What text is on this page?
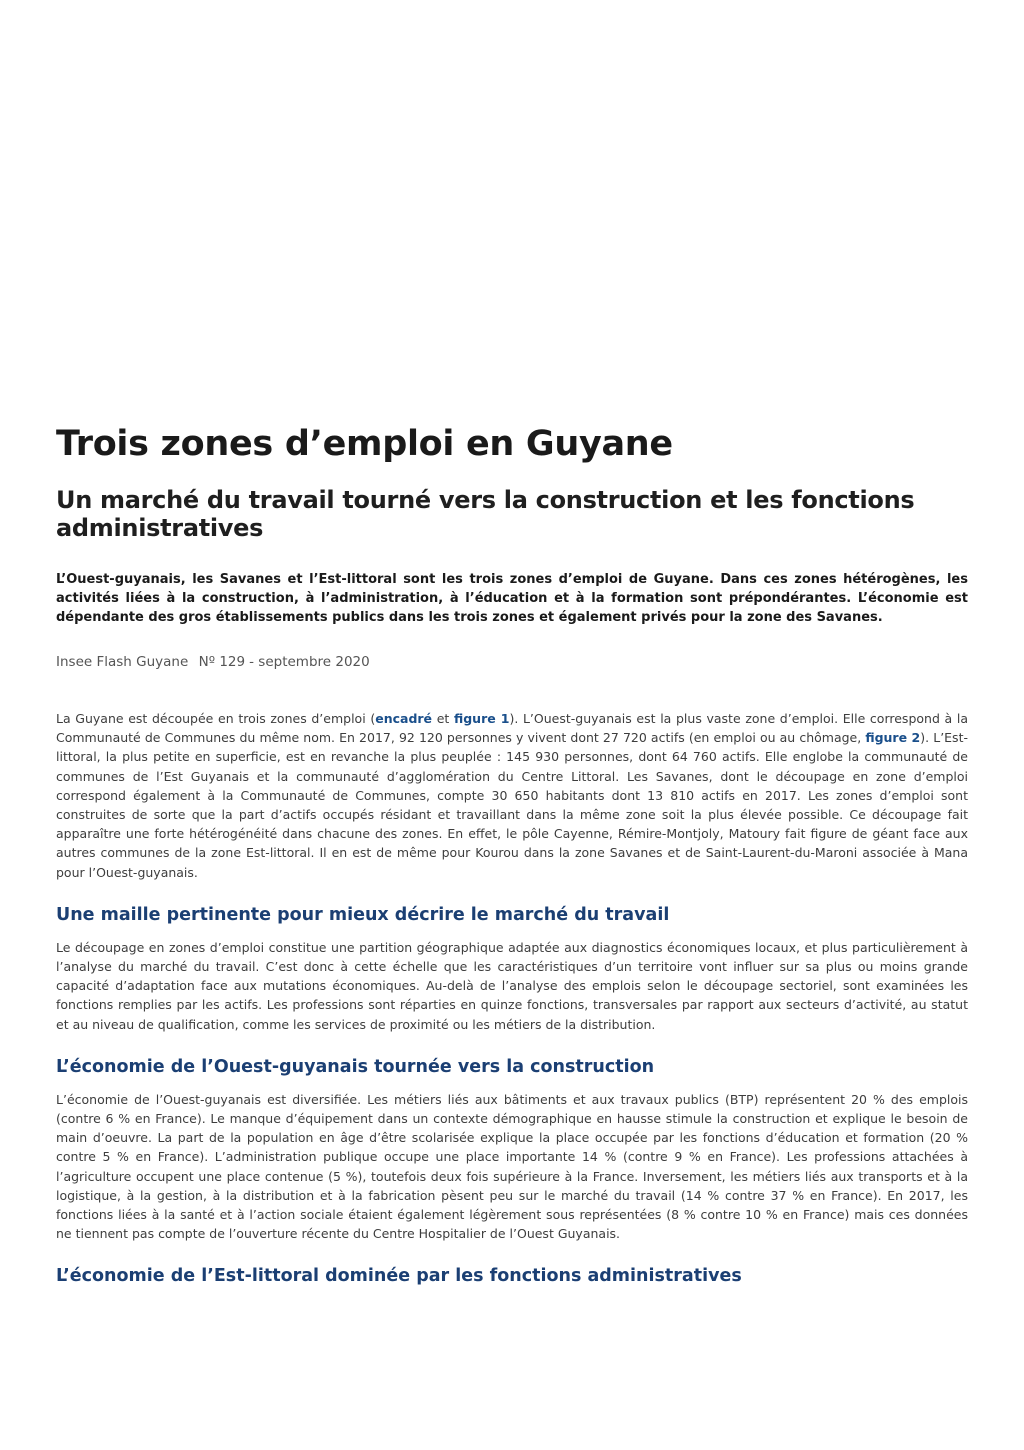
Trois zones d’emploi en Guyane
Un marché du travail tourné vers la construction et les fonctions administratives

L’Ouest-guyanais, les Savanes et l’Est-littoral sont les trois zones d’emploi de Guyane. Dans ces zones hétérogènes, les activités liées à la construction, à l’administration, à l’éducation et à la formation sont prépondérantes. L’économie est dépendante des gros établissements publics dans les trois zones et également privés pour la zone des Savanes.

Insee Flash Guyane Nº 129 - septembre 2020

La Guyane est découpée en trois zones d’emploi (encadré et figure 1). L’Ouest-guyanais est la plus vaste zone d’emploi. Elle correspond à la Communauté de Communes du même nom. En 2017, 92 120 personnes y vivent dont 27 720 actifs (en emploi ou au chômage, figure 2). L’Est-littoral, la plus petite en superficie, est en revanche la plus peuplée : 145 930 personnes, dont 64 760 actifs. Elle englobe la communauté de communes de l’Est Guyanais et la communauté d’agglomération du Centre Littoral. Les Savanes, dont le découpage en zone d’emploi correspond également à la Communauté de Communes, compte 30 650 habitants dont 13 810 actifs en 2017. Les zones d’emploi sont construites de sorte que la part d’actifs occupés résidant et travaillant dans la même zone soit la plus élevée possible. Ce découpage fait apparaître une forte hétérogénéité dans chacune des zones. En effet, le pôle Cayenne, Rémire-Montjoly, Matoury fait figure de géant face aux autres communes de la zone Est-littoral. Il en est de même pour Kourou dans la zone Savanes et de Saint-Laurent-du-Maroni associée à Mana pour l’Ouest-guyanais.

Une maille pertinente pour mieux décrire le marché du travail

Le découpage en zones d’emploi constitue une partition géographique adaptée aux diagnostics économiques locaux, et plus particulièrement à l’analyse du marché du travail. C’est donc à cette échelle que les caractéristiques d’un territoire vont influer sur sa plus ou moins grande capacité d’adaptation face aux mutations économiques. Au-delà de l’analyse des emplois selon le découpage sectoriel, sont examinées les fonctions remplies par les actifs. Les professions sont réparties en quinze fonctions, transversales par rapport aux secteurs d’activité, au statut et au niveau de qualification, comme les services de proximité ou les métiers de la distribution.

L’économie de l’Ouest-guyanais tournée vers la construction

L’économie de l’Ouest-guyanais est diversifiée. Les métiers liés aux bâtiments et aux travaux publics (BTP) représentent 20 % des emplois (contre 6 % en France). Le manque d’équipement dans un contexte démographique en hausse stimule la construction et explique le besoin de main d’oeuvre. La part de la population en âge d’être scolarisée explique la place occupée par les fonctions d’éducation et formation (20 % contre 5 % en France). L’administration publique occupe une place importante 14 % (contre 9 % en France). Les professions attachées à l’agriculture occupent une place contenue (5 %), toutefois deux fois supérieure à la France. Inversement, les métiers liés aux transports et à la logistique, à la gestion, à la distribution et à la fabrication pèsent peu sur le marché du travail (14 % contre 37 % en France). En 2017, les fonctions liées à la santé et à l’action sociale étaient également légèrement sous représentées (8 % contre 10 % en France) mais ces données ne tiennent pas compte de l’ouverture récente du Centre Hospitalier de l’Ouest Guyanais.

L’économie de l’Est-littoral dominée par les fonctions administratives
